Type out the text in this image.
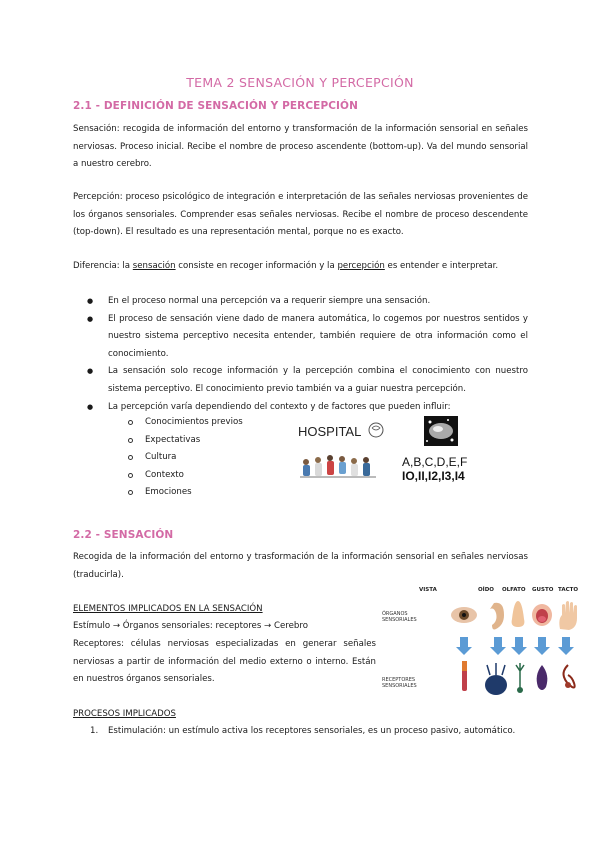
TEMA 2 SENSACIÓN Y PERCEPCIÓN
2.1 - DEFINICIÓN DE SENSACIÓN Y PERCEPCIÓN

Sensación: recogida de información del entorno y transformación de la información sensorial en señales nerviosas. Proceso inicial. Recibe el nombre de proceso ascendente (bottom-up). Va del mundo sensorial a nuestro cerebro.

Percepción: proceso psicológico de integración e interpretación de las señales nerviosas provenientes de los órganos sensoriales. Comprender esas señales nerviosas. Recibe el nombre de proceso descendente (top-down). El resultado es una representación mental, porque no es exacto.

Diferencia: la sensación consiste en recoger información y la percepción es entender e interpretar.

● En el proceso normal una percepción va a requerir siempre una sensación.
● El proceso de sensación viene dado de manera automática, lo cogemos por nuestros sentidos y nuestro sistema perceptivo necesita entender, también requiere de otra información como el conocimiento.
● La sensación solo recoge información y la percepción combina el conocimiento con nuestro sistema perceptivo. El conocimiento previo también va a guiar nuestra percepción.
● La percepción varía dependiendo del contexto y de factores que pueden influir:
Conocimientos previos
Expectativas
Cultura
Contexto
Emociones
HOSPITAL
A,B,C,D,E,F
IO,II,I2,I3,I4
2.2 - SENSACIÓN

Recogida de la información del entorno y trasformación de la información sensorial en señales nerviosas (traducirla).

ELEMENTOS IMPLICADOS EN LA SENSACIÓN
Estímulo → Órganos sensoriales: receptores → Cerebro

Receptores: células nerviosas especializadas en generar señales nerviosas a partir de información del medio externo o interno. Están en nuestros órganos sensoriales.

VISTA	OÍDO OLFATO GUSTO TACTO
ÓRGANOS SENSORIALES
RECEPTORES SENSORIALES
PROCESOS IMPLICADOS
1. Estimulación: un estímulo activa los receptores sensoriales, es un proceso pasivo, automático.
